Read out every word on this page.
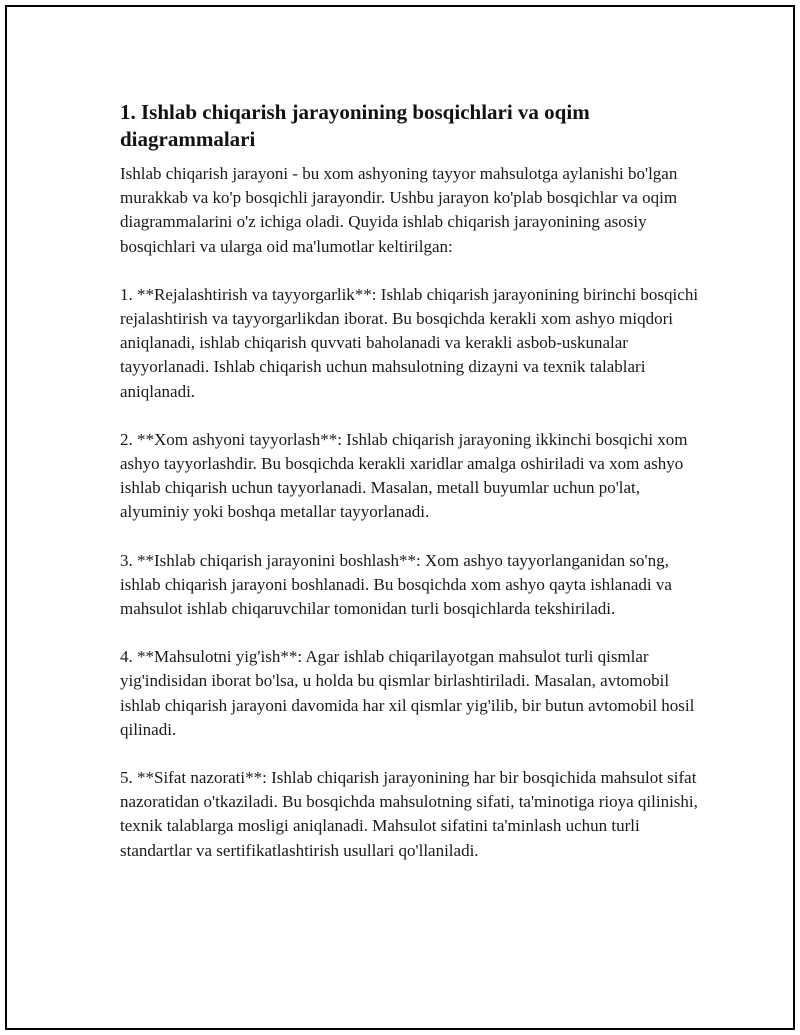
1. Ishlab chiqarish jarayonining bosqichlari va oqim diagrammalari

Ishlab chiqarish jarayoni - bu xom ashyoning tayyor mahsulotga aylanishi bo'lgan murakkab va ko'p bosqichli jarayondir. Ushbu jarayon ko'plab bosqichlar va oqim diagrammalarini o'z ichiga oladi. Quyida ishlab chiqarish jarayonining asosiy bosqichlari va ularga oid ma'lumotlar keltirilgan:

1. **Rejalashtirish va tayyorgarlik**: Ishlab chiqarish jarayonining birinchi bosqichi rejalashtirish va tayyorgarlikdan iborat. Bu bosqichda kerakli xom ashyo miqdori aniqlanadi, ishlab chiqarish quvvati baholanadi va kerakli asbob-uskunalar tayyorlanadi. Ishlab chiqarish uchun mahsulotning dizayni va texnik talablari aniqlanadi.

2. **Xom ashyoni tayyorlash**: Ishlab chiqarish jarayoning ikkinchi bosqichi xom ashyo tayyorlashdir. Bu bosqichda kerakli xaridlar amalga oshiriladi va xom ashyo ishlab chiqarish uchun tayyorlanadi. Masalan, metall buyumlar uchun po'lat, alyuminiy yoki boshqa metallar tayyorlanadi.

3. **Ishlab chiqarish jarayonini boshlash**: Xom ashyo tayyorlanganidan so'ng, ishlab chiqarish jarayoni boshlanadi. Bu bosqichda xom ashyo qayta ishlanadi va mahsulot ishlab chiqaruvchilar tomonidan turli bosqichlarda tekshiriladi.

4. **Mahsulotni yig'ish**: Agar ishlab chiqarilayotgan mahsulot turli qismlar yig'indisidan iborat bo'lsa, u holda bu qismlar birlashtiriladi. Masalan, avtomobil ishlab chiqarish jarayoni davomida har xil qismlar yig'ilib, bir butun avtomobil hosil qilinadi.

5. **Sifat nazorati**: Ishlab chiqarish jarayonining har bir bosqichida mahsulot sifat nazoratidan o'tkaziladi. Bu bosqichda mahsulotning sifati, ta'minotiga rioya qilinishi, texnik talablarga mosligi aniqlanadi. Mahsulot sifatini ta'minlash uchun turli standartlar va sertifikatlashtirish usullari qo'llaniladi.
